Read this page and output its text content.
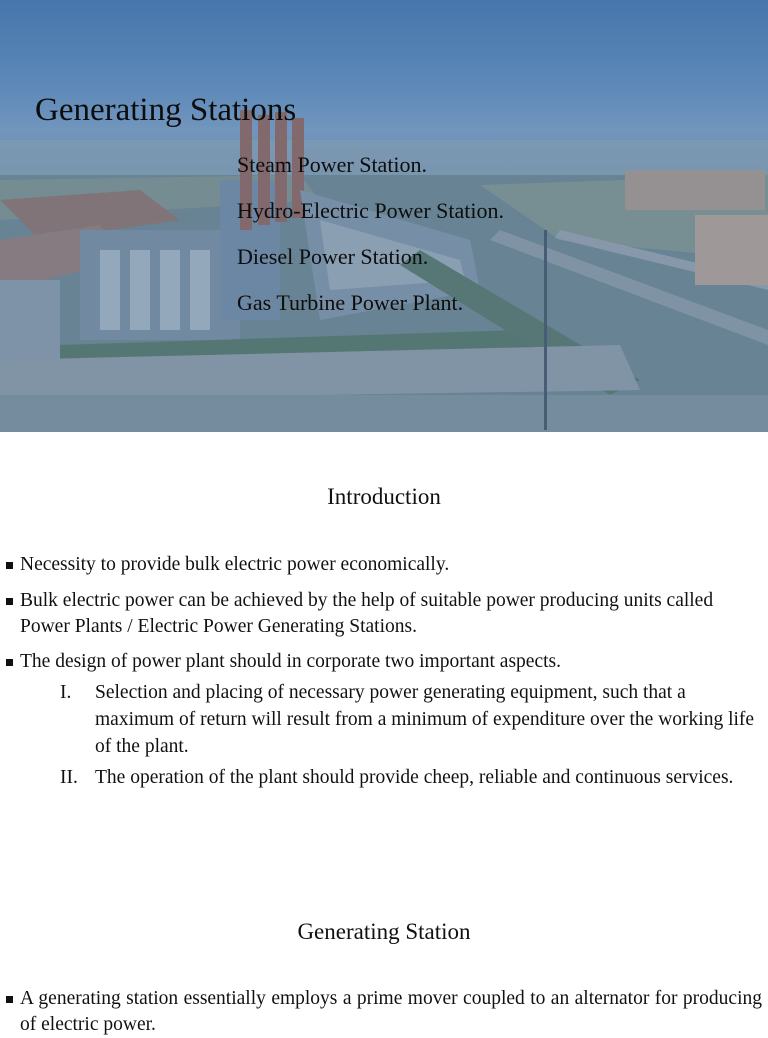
Generating Stations
Steam Power Station.
Hydro-Electric Power Station.
Diesel Power Station.
Gas Turbine Power Plant.
Introduction
Necessity to provide bulk electric power economically.
Bulk electric power can be achieved by the help of suitable power producing units called Power Plants / Electric Power Generating Stations.
The design of power plant should in corporate two important aspects.
I.	Selection and placing of necessary power generating equipment, such that a maximum of return will result from a minimum of expenditure over the working life of the plant.
II. The operation of the plant should provide cheep, reliable and continuous services.
Generating Station
A generating station essentially employs a prime mover coupled to an alternator for producing of electric power.
